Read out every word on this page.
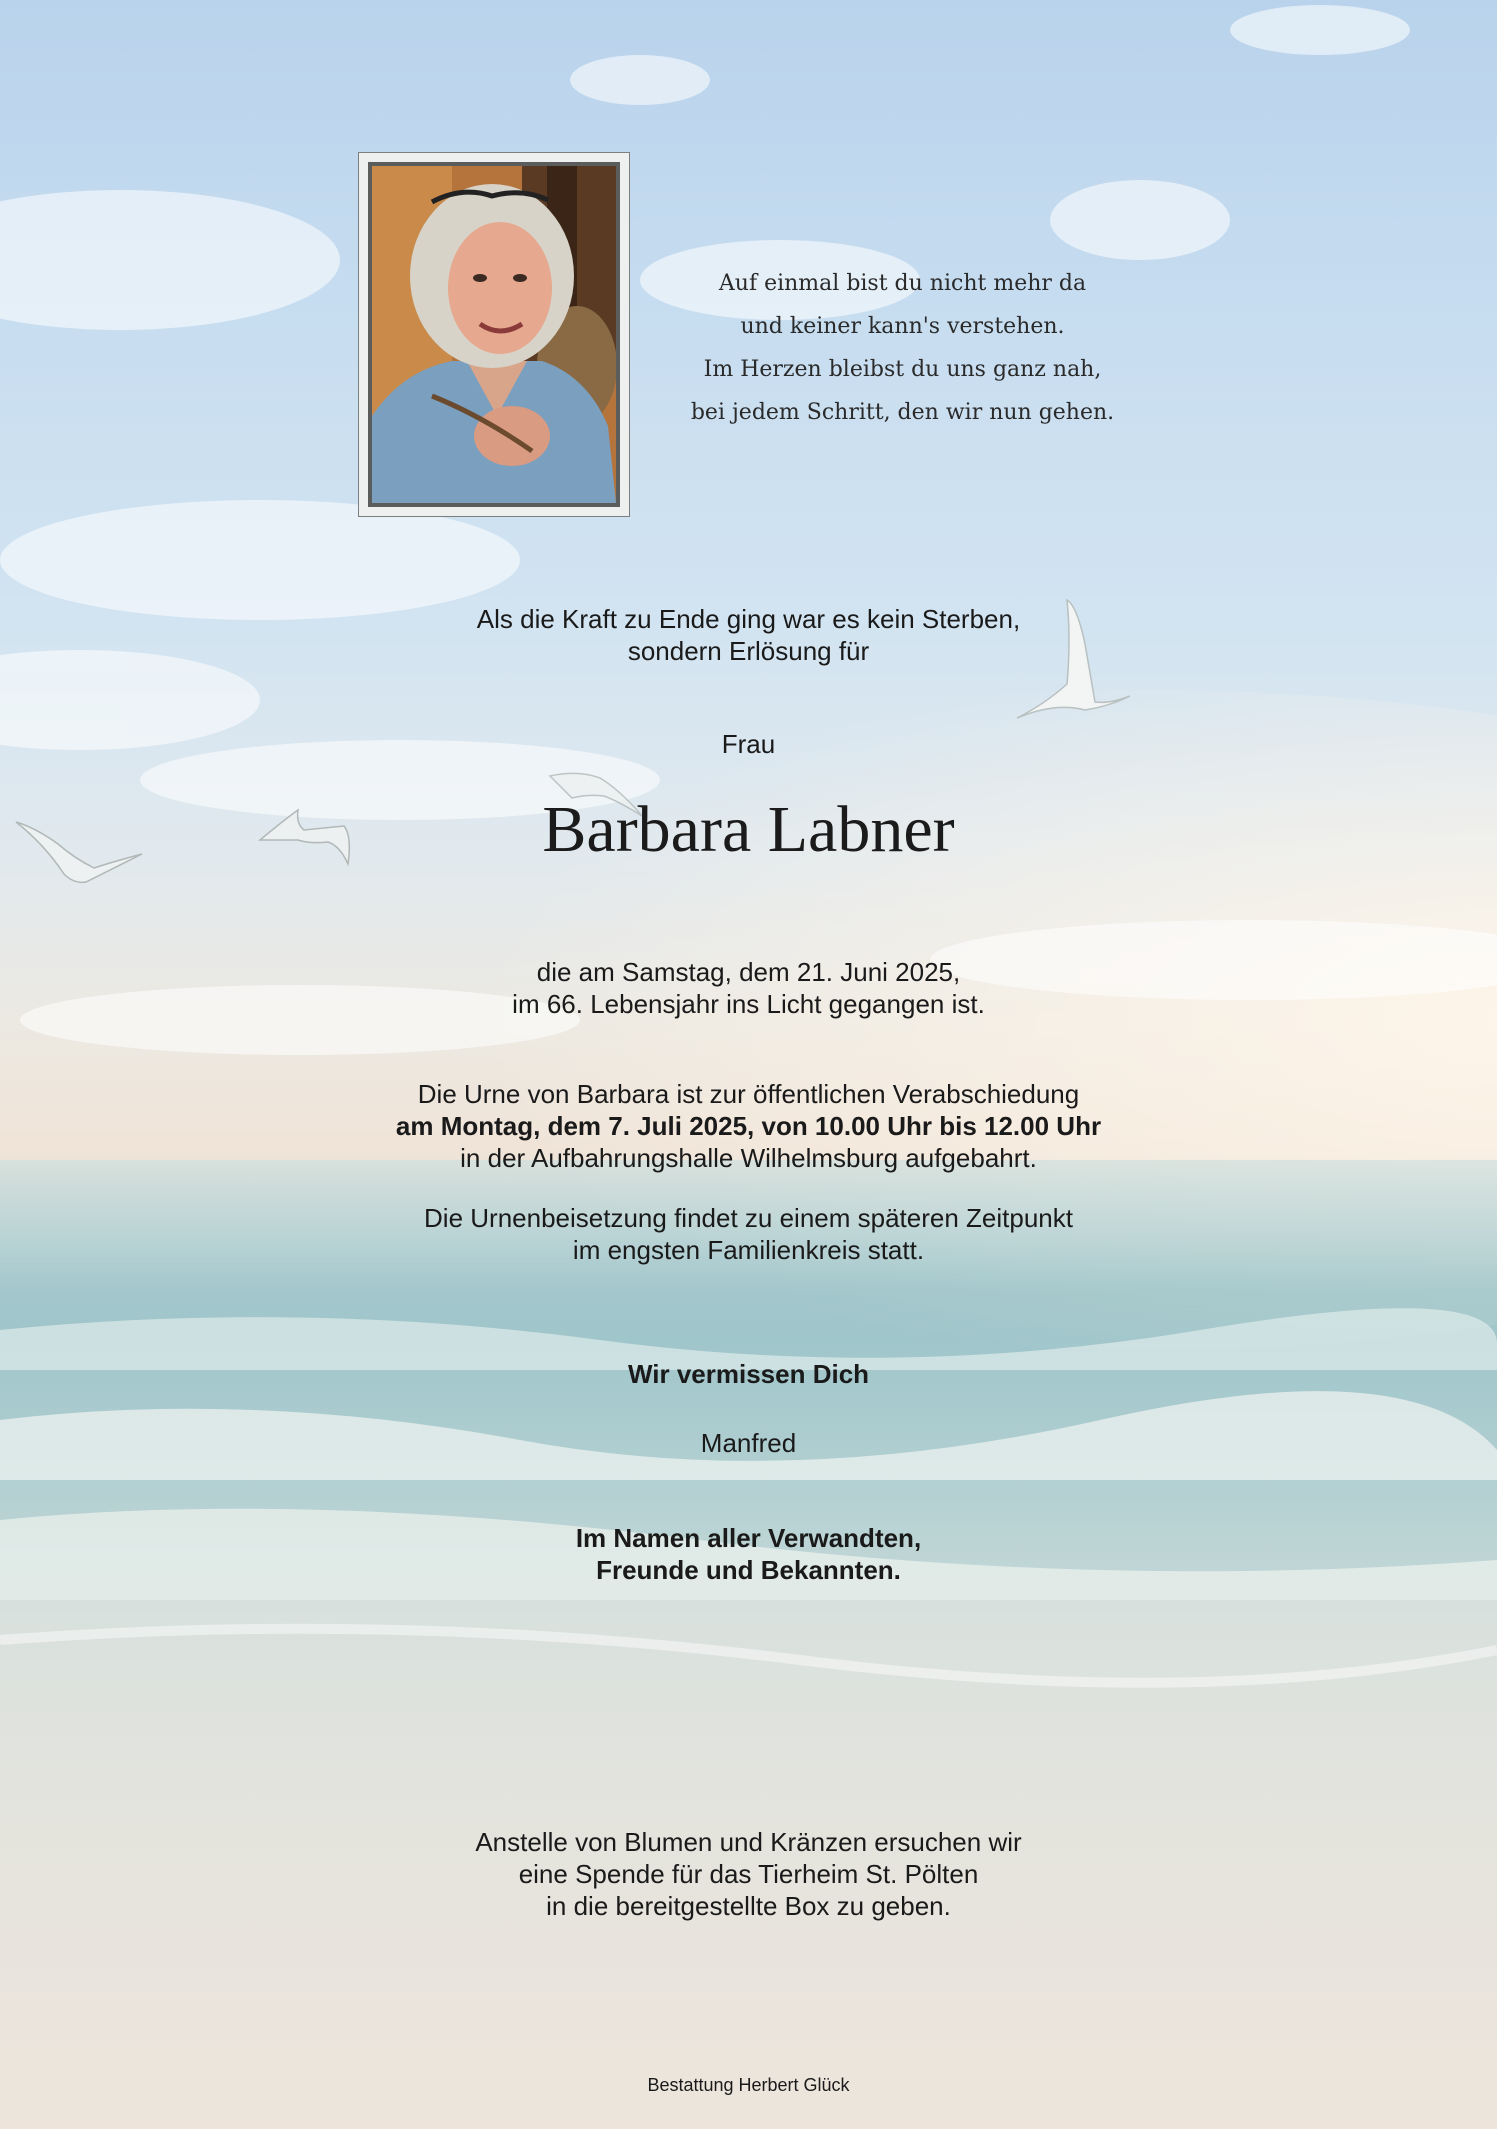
Auf einmal bist du nicht mehr da
und keiner kann's verstehen.
Im Herzen bleibst du uns ganz nah,
bei jedem Schritt, den wir nun gehen.
Als die Kraft zu Ende ging war es kein Sterben,
sondern Erlösung für
Frau
Barbara Labner
die am Samstag, dem 21. Juni 2025,
im 66. Lebensjahr ins Licht gegangen ist.
Die Urne von Barbara ist zur öffentlichen Verabschiedung
am Montag, dem 7. Juli 2025, von 10.00 Uhr bis 12.00 Uhr
in der Aufbahrungshalle Wilhelmsburg aufgebahrt.
Die Urnenbeisetzung findet zu einem späteren Zeitpunkt
im engsten Familienkreis statt.
Wir vermissen Dich
Manfred
Im Namen aller Verwandten,
Freunde und Bekannten.
Anstelle von Blumen und Kränzen ersuchen wir
eine Spende für das Tierheim St. Pölten
in die bereitgestellte Box zu geben.
Bestattung Herbert Glück
